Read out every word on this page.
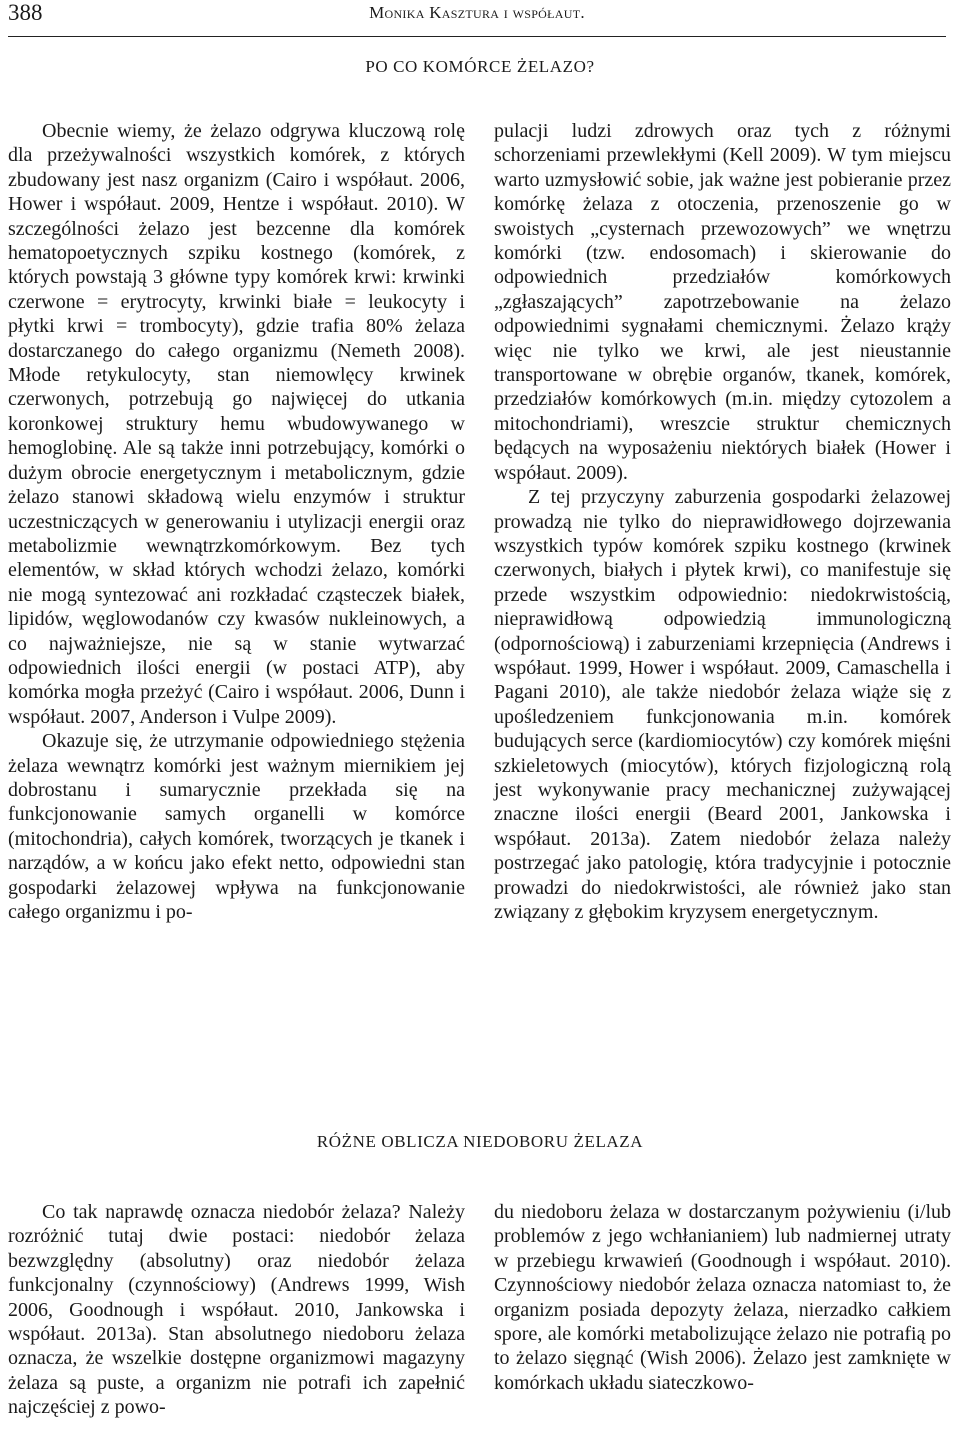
388	Monika Kasztura i współaut.
PO CO KOMÓRCE ŻELAZO?

Obecnie wiemy, że żelazo odgrywa kluczową rolę dla przeżywalności wszystkich komórek, z których zbudowany jest nasz organizm (Cairo i współaut. 2006, Hower i współaut. 2009, Hentze i współaut. 2010). W szczególności żelazo jest bezcenne dla komórek hematopoetycznych szpiku kostnego (komórek, z których powstają 3 główne typy komórek krwi: krwinki czerwone = erytrocyty, krwinki białe = leukocyty i płytki krwi = trombocyty), gdzie trafia 80% żelaza dostarczanego do całego organizmu (Nemeth 2008). Młode retykulocyty, stan niemowlęcy krwinek czerwonych, potrzebują go najwięcej do utkania koronkowej struktury hemu wbudowywanego w hemoglobinę. Ale są także inni potrzebujący, komórki o dużym obrocie energetycznym i metabolicznym, gdzie żelazo stanowi składową wielu enzymów i struktur uczestniczących w generowaniu i utylizacji energii oraz metabolizmie wewnątrzkomórkowym. Bez tych elementów, w skład których wchodzi żelazo, komórki nie mogą syntezować ani rozkładać cząsteczek białek, lipidów, węglowodanów czy kwasów nukleinowych, a co najważniejsze, nie są w stanie wytwarzać odpowiednich ilości energii (w postaci ATP), aby komórka mogła przeżyć (Cairo i współaut. 2006, Dunn i współaut. 2007, Anderson i Vulpe 2009).

Okazuje się, że utrzymanie odpowiedniego stężenia żelaza wewnątrz komórki jest ważnym miernikiem jej dobrostanu i sumarycznie przekłada się na funkcjonowanie samych organelli w komórce (mitochondria), całych komórek, tworzących je tkanek i narządów, a w końcu jako efekt netto, odpowiedni stan gospodarki żelazowej wpływa na funkcjonowanie całego organizmu i po-

pulacji ludzi zdrowych oraz tych z różnymi schorzeniami przewlekłymi (Kell 2009). W tym miejscu warto uzmysłowić sobie, jak ważne jest pobieranie przez komórkę żelaza z otoczenia, przenoszenie go w swoistych „cysternach przewozowych” we wnętrzu komórki (tzw. endosomach) i skierowanie do odpowiednich przedziałów komórkowych „zgłaszających” zapotrzebowanie na żelazo odpowiednimi sygnałami chemicznymi. Żelazo krąży więc nie tylko we krwi, ale jest nieustannie transportowane w obrębie organów, tkanek, komórek, przedziałów komórkowych (m.in. między cytozolem a mitochondriami), wreszcie struktur chemicznych będących na wyposażeniu niektórych białek (Hower i współaut. 2009).

Z tej przyczyny zaburzenia gospodarki żelazowej prowadzą nie tylko do nieprawidłowego dojrzewania wszystkich typów komórek szpiku kostnego (krwinek czerwonych, białych i płytek krwi), co manifestuje się przede wszystkim odpowiednio: niedokrwistością, nieprawidłową odpowiedzią immunologiczną (odpornościową) i zaburzeniami krzepnięcia (Andrews i współaut. 1999, Hower i współaut. 2009, Camaschella i Pagani 2010), ale także niedobór żelaza wiąże się z upośledzeniem funkcjonowania m.in. komórek budujących serce (kardiomiocytów) czy komórek mięśni szkieletowych (miocytów), których fizjologiczną rolą jest wykonywanie pracy mechanicznej zużywającej znaczne ilości energii (Beard 2001, Jankowska i współaut. 2013a). Zatem niedobór żelaza należy postrzegać jako patologię, która tradycyjnie i potocznie prowadzi do niedokrwistości, ale również jako stan związany z głębokim kryzysem energetycznym.

RÓŻNE OBLICZA NIEDOBORU ŻELAZA

Co tak naprawdę oznacza niedobór żelaza? Należy rozróżnić tutaj dwie postaci: niedobór żelaza bezwzględny (absolutny) oraz niedobór żelaza funkcjonalny (czynnościowy) (Andrews 1999, Wish 2006, Goodnough i współaut. 2010, Jankowska i współaut. 2013a). Stan absolutnego niedoboru żelaza oznacza, że wszelkie dostępne organizmowi magazyny żelaza są puste, a organizm nie potrafi ich zapełnić najczęściej z powo-

du niedoboru żelaza w dostarczanym pożywieniu (i/lub problemów z jego wchłanianiem) lub nadmiernej utraty w przebiegu krwawień (Goodnough i współaut. 2010). Czynnościowy niedobór żelaza oznacza natomiast to, że organizm posiada depozyty żelaza, nierzadko całkiem spore, ale komórki metabolizujące żelazo nie potrafią po to żelazo sięgnąć (Wish 2006). Żelazo jest zamknięte w komórkach układu siateczkowo-
